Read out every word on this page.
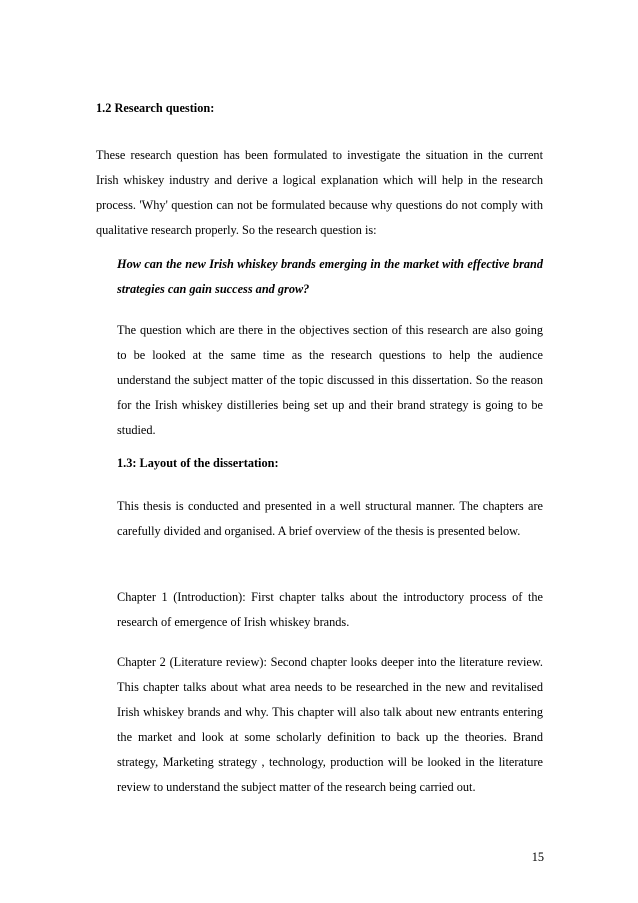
1.2 Research question:

These research question has been formulated to investigate the situation in the current Irish whiskey industry and derive a logical explanation which will help in the research process. 'Why' question can not be formulated because why questions do not comply with qualitative research properly. So the research question is:

How can the new Irish whiskey brands emerging in the market with effective brand strategies can gain success and grow?

The question which are there in the objectives section of this research are also going to be looked at the same time as the research questions to help the audience understand the subject matter of the topic discussed in this dissertation. So the reason for the Irish whiskey distilleries being set up and their brand strategy is going to be studied.

1.3: Layout of the dissertation:

This thesis is conducted and presented in a well structural manner. The chapters are carefully divided and organised. A brief overview of the thesis is presented below.

Chapter 1 (Introduction): First chapter talks about the introductory process of the research of emergence of Irish whiskey brands.

Chapter 2 (Literature review): Second chapter looks deeper into the literature review. This chapter talks about what area needs to be researched in the new and revitalised Irish whiskey brands and why. This chapter will also talk about new entrants entering the market and look at some scholarly definition to back up the theories. Brand strategy, Marketing strategy , technology, production will be looked in the literature review to understand the subject matter of the research being carried out.

15
